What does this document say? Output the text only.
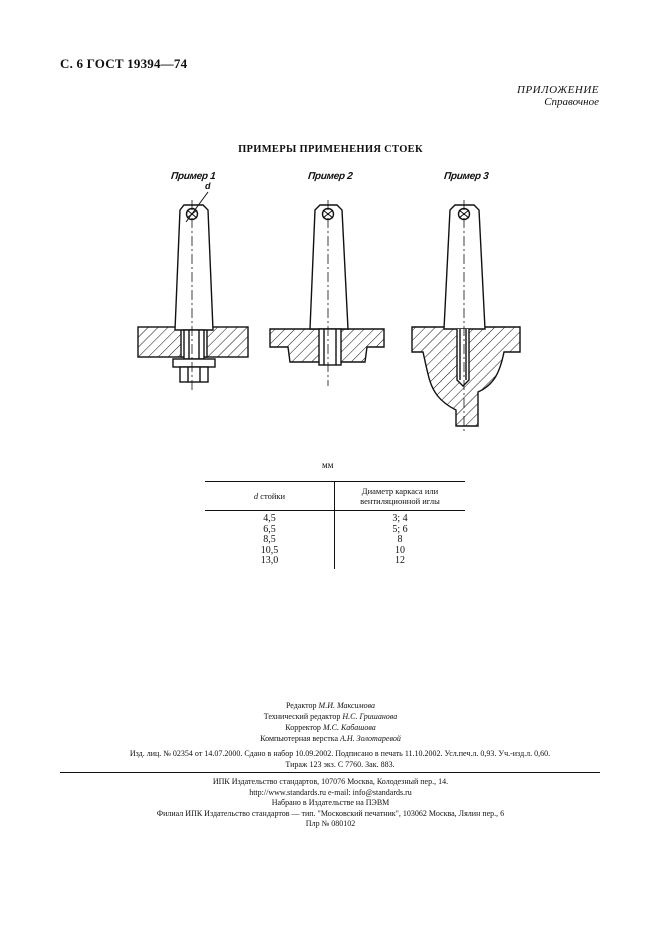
С. 6 ГОСТ 19394—74
ПРИЛОЖЕНИЕ
Справочное
ПРИМЕРЫ ПРИМЕНЕНИЯ СТОЕК
Пример 1	Пример 2	Пример 3
d
мм
d стойки	Диаметр каркаса или
вентиляционной иглы

4,5	3; 4
6,5	5; 6
8,5	8
10,5	10
13,0	12
Редактор М.И. Максимова
Технический редактор Н.С. Гришанова
Корректор М.С. Кабашова
Компьютерная верстка А.Н. Золотаревой
Изд. лиц. № 02354 от 14.07.2000. Сдано в набор 10.09.2002. Подписано в печать 11.10.2002. Усл.печ.л. 0,93. Уч.-изд.л. 0,60.
Тираж 123 экз. С 7760. Зак. 883.
ИПК Издательство стандартов, 107076 Москва, Колодезный пер., 14.
http://www.standards.ru e-mail: info@standards.ru
Набрано в Издательстве на ПЭВМ
Филиал ИПК Издательство стандартов — тип. "Московский печатник", 103062 Москва, Лялин пер., 6
Плр № 080102
